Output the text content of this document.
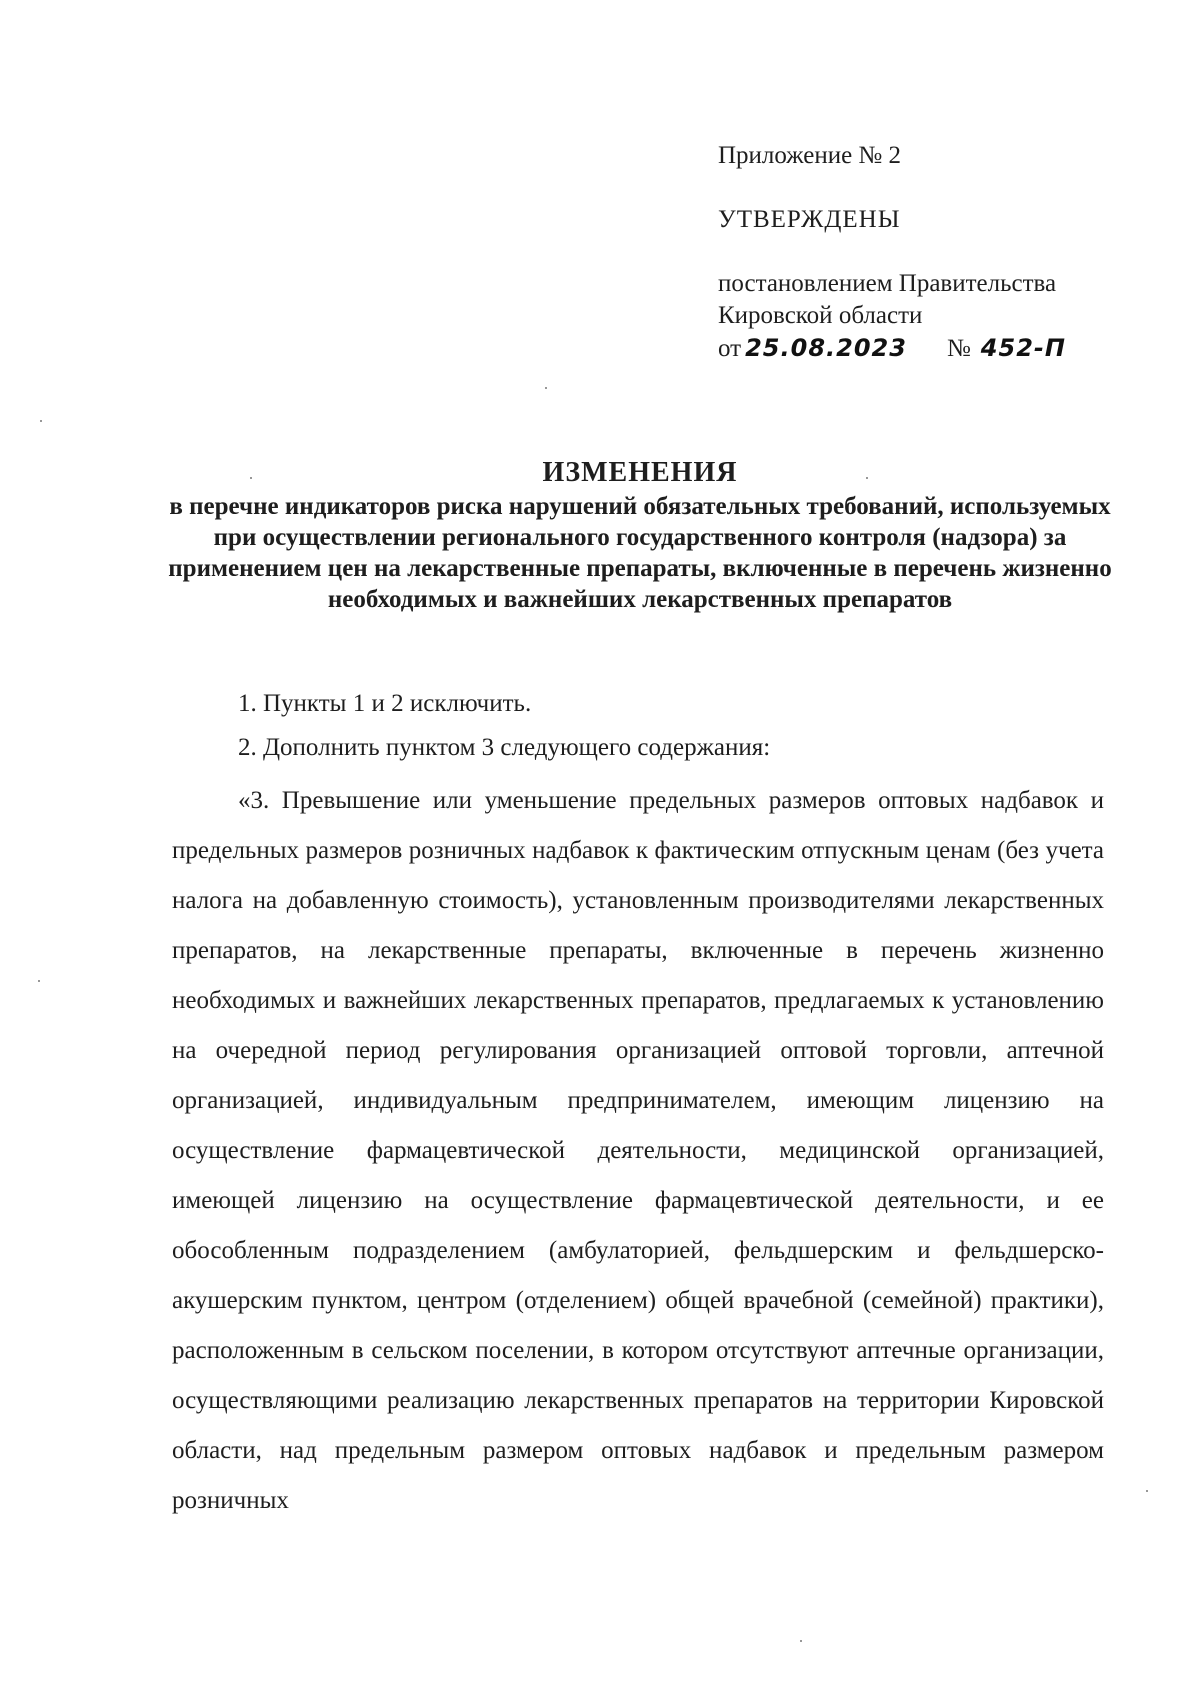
Приложение № 2
УТВЕРЖДЕНЫ
постановлением Правительства
Кировской области
от 25.08.2023 № 452-П
ИЗМЕНЕНИЯ
в перечне индикаторов риска нарушений обязательных требований, используемых при осуществлении регионального государственного контроля (надзора) за применением цен на лекарственные препараты, включенные в перечень жизненно необходимых и важнейших лекарственных препаратов

1. Пункты 1 и 2 исключить.

2. Дополнить пунктом 3 следующего содержания:

«3. Превышение или уменьшение предельных размеров оптовых надбавок и предельных размеров розничных надбавок к фактическим отпускным ценам (без учета налога на добавленную стоимость), установленным производителями лекарственных препаратов, на лекарственные препараты, включенные в перечень жизненно необходимых и важнейших лекарственных препаратов, предлагаемых к установлению на очередной период регулирования организацией оптовой торговли, аптечной организацией, индивидуальным предпринимателем, имеющим лицензию на осуществление фармацевтической деятельности, медицинской организацией, имеющей лицензию на осуществление фармацевтической деятельности, и ее обособленным подразделением (амбулаторией, фельдшерским и фельдшерско-акушерским пунктом, центром (отделением) общей врачебной (семейной) практики), расположенным в сельском поселении, в котором отсутствуют аптечные организации, осуществляющими реализацию лекарственных препаратов на территории Кировской области, над предельным размером оптовых надбавок и предельным размером розничных
